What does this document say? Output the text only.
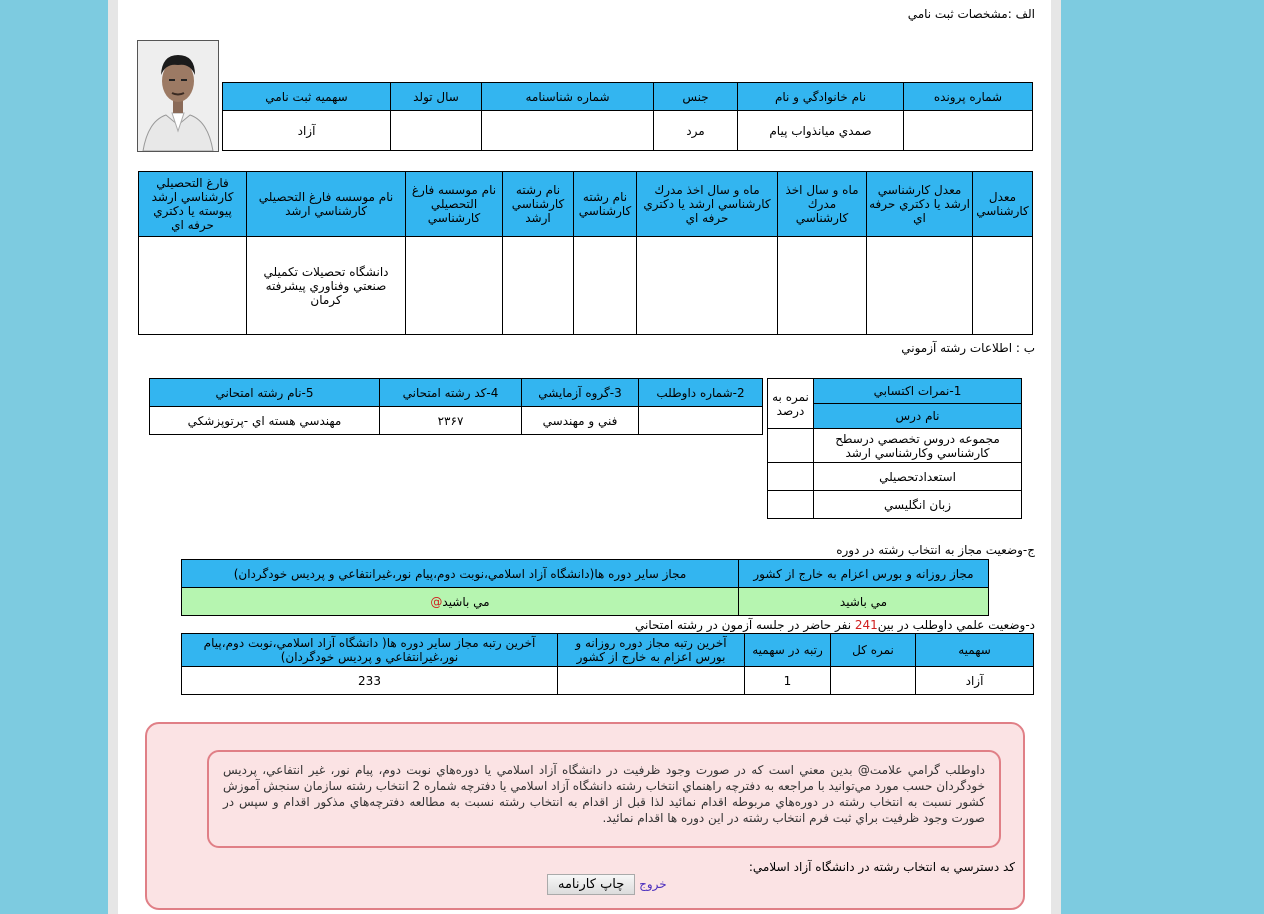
الف :مشخصات ثبت نامي
شماره پرونده	نام خانوادگي و نام	جنس	شماره شناسنامه	سال تولد	سهميه ثبت نامي
	صمدي ميانذواب پيام	مرد			آزاد
معدل كارشناسي	معدل كارشناسي ارشد يا دكتري حرفه اي	ماه و سال اخذ مدرك كارشناسي	ماه و سال اخذ مدرك كارشناسي ارشد يا دكتري حرفه اي	نام رشته كارشناسي	نام رشته كارشناسي ارشد	نام موسسه فارغ التحصيلي كارشناسي	نام موسسه فارغ التحصيلي كارشناسي ارشد	فارغ التحصيلي كارشناسي ارشد پيوسته يا دكتري حرفه اي
							دانشگاه تحصيلات تكميلي صنعتي وفناوري پيشرفته كرمان	
ب : اطلاعات رشته آزموني
2-شماره داوطلب	3-گروه آزمايشي	4-كد رشته امتحاني	5-نام رشته امتحاني
	فني و مهندسي	۲۳۶۷	مهندسي هسته اي -پرتوپزشكي
1-نمرات اكتسابي	نمره به درصد
نام درس	
مجموعه دروس تخصصي درسطح كارشناسي وكارشناسي ارشد	
استعدادتحصيلي	
زبان انگليسي	
ج-وضعيت مجاز به انتخاب رشته در دوره
مجاز روزانه و بورس اعزام به خارج از كشور	مجاز ساير دوره ها(دانشگاه آزاد اسلامي،نوبت دوم،پيام نور،غيرانتفاعي و پرديس خودگردان)
مي باشيد	مي باشيد@
د-وضعيت علمي داوطلب در بين241 نفر حاضر در جلسه آزمون در رشته امتحاني
سهميه	نمره كل	رتبه در سهميه	آخرين رتبه مجاز دوره روزانه و بورس اعزام به خارج از كشور	آخرين رتبه مجاز ساير دوره ها( دانشگاه آزاد اسلامي،نوبت دوم،پيام نور،غيرانتفاعي و پرديس خودگردان)
آزاد		1		233
داوطلب گرامي علامت@ بدين معني است كه در صورت وجود ظرفيت در دانشگاه آزاد اسلامي يا دوره‌هاي نوبت دوم، پيام نور، غير انتفاعي، پرديس خودگردان حسب مورد مي‌توانيد با مراجعه به دفترچه راهنماي انتخاب رشته دانشگاه آزاد اسلامي يا دفترچه شماره 2 انتخاب رشته سازمان سنجش آموزش كشور نسبت به انتخاب رشته در دوره‌هاي مربوطه اقدام نمائيد لذا قبل از اقدام به انتخاب رشته نسبت به مطالعه دفترچه‌هاي مذكور اقدام و سپس در صورت وجود ظرفيت براي ثبت فرم انتخاب رشته در اين دوره ها اقدام نمائيد.
كد دسترسي به انتخاب رشته در دانشگاه آزاد اسلامي:
چاپ كارنامه خروج
